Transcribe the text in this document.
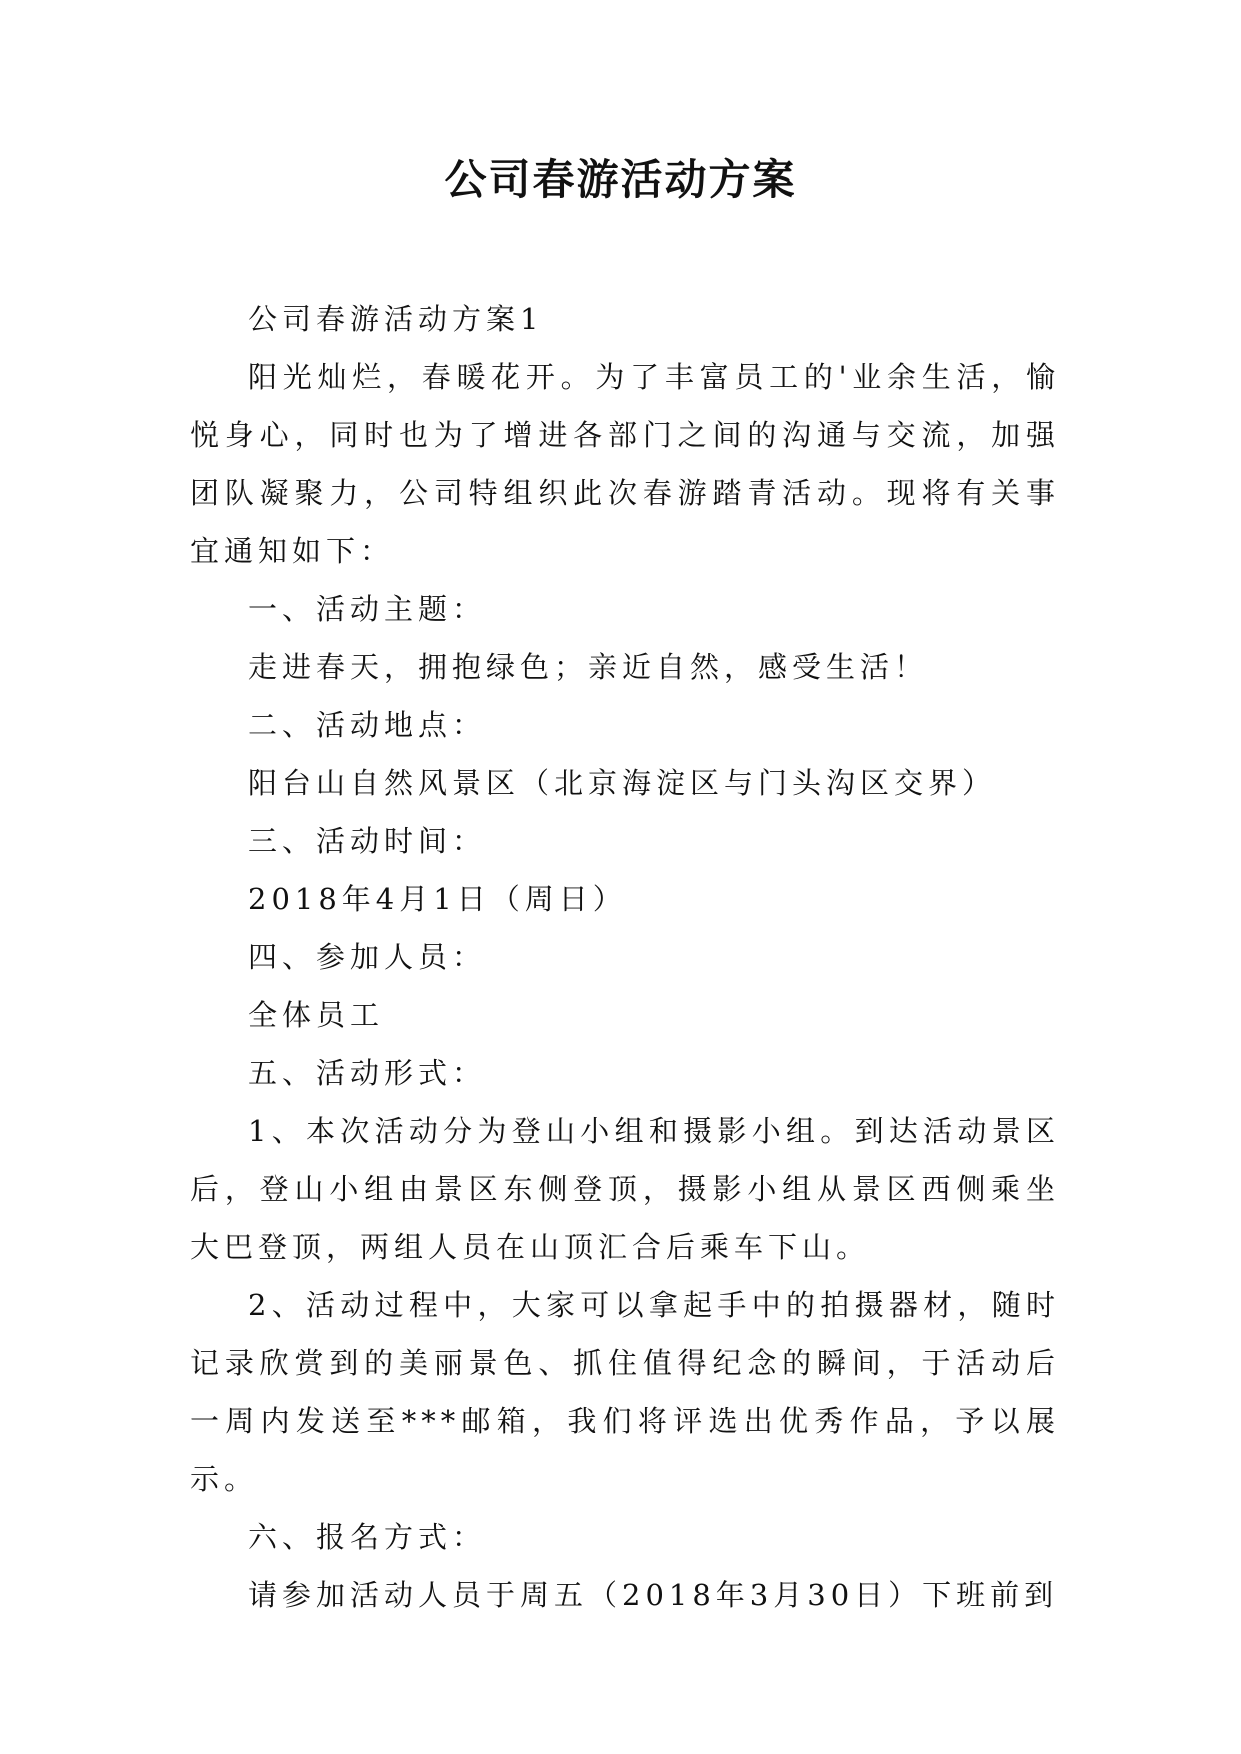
公司春游活动方案

公司春游活动方案1

阳光灿烂，春暖花开。为了丰富员工的'业余生活，愉悦身心，同时也为了增进各部门之间的沟通与交流，加强团队凝聚力，公司特组织此次春游踏青活动。现将有关事宜通知如下：

一、活动主题：

走进春天，拥抱绿色；亲近自然，感受生活！

二、活动地点：

阳台山自然风景区（北京海淀区与门头沟区交界）

三、活动时间：

2018年4月1日（周日）

四、参加人员：

全体员工

五、活动形式：

1、本次活动分为登山小组和摄影小组。到达活动景区后，登山小组由景区东侧登顶，摄影小组从景区西侧乘坐大巴登顶，两组人员在山顶汇合后乘车下山。

2、活动过程中，大家可以拿起手中的拍摄器材，随时记录欣赏到的美丽景色、抓住值得纪念的瞬间，于活动后一周内发送至***邮箱，我们将评选出优秀作品，予以展示。

六、报名方式：

请参加活动人员于周五（2018年3月30日）下班前到
